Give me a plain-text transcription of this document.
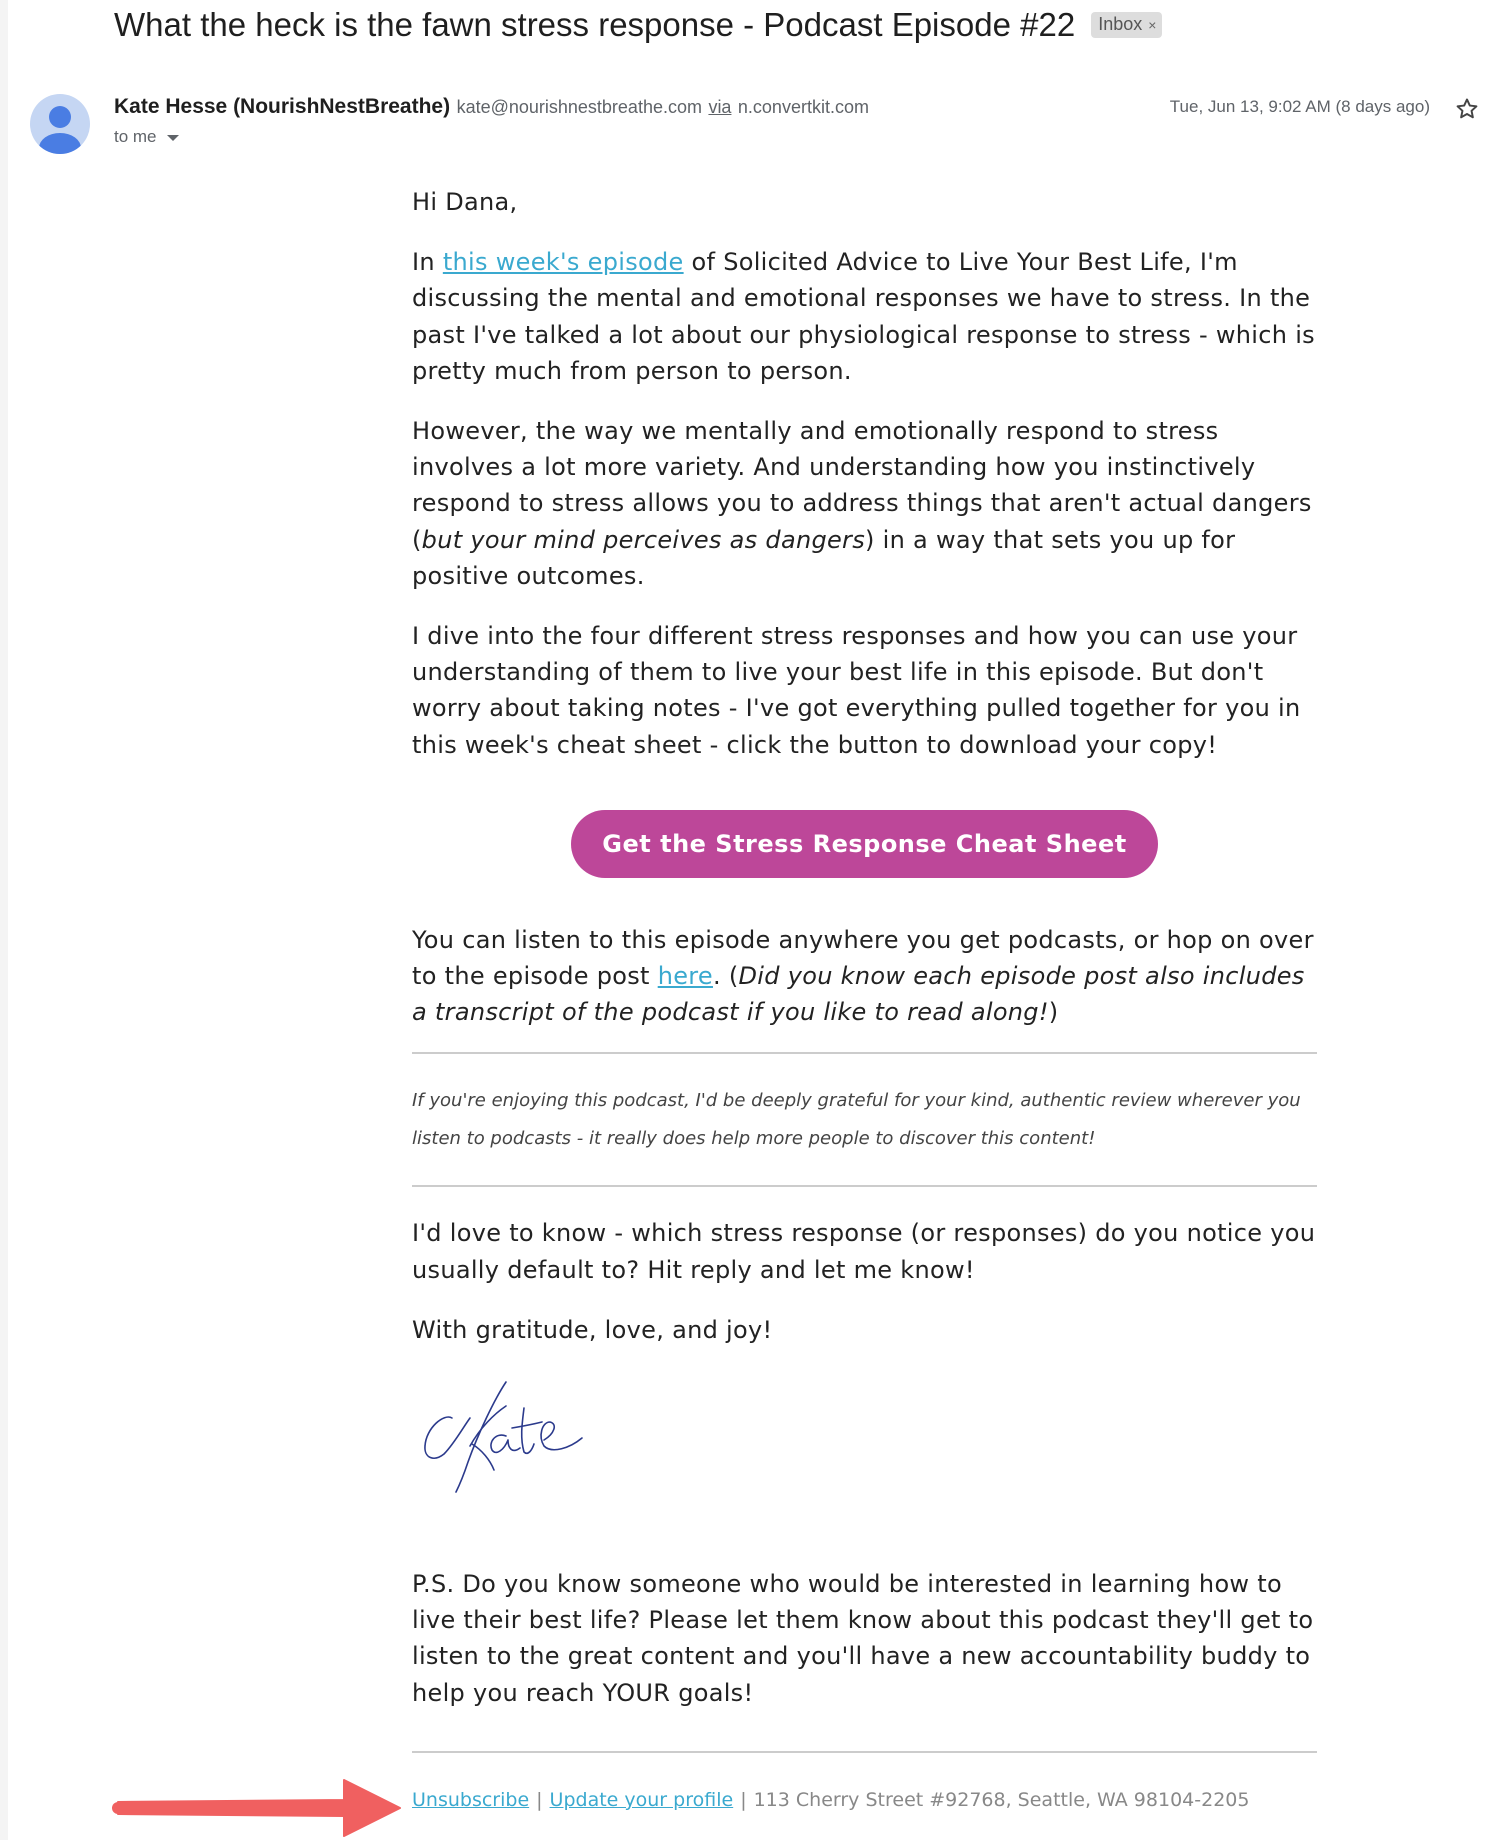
What the heck is the fawn stress response - Podcast Episode #22 Inbox ×
Kate Hesse (NourishNestBreathe) kate@nourishnestbreathe.com via n.convertkit.com
to me
Tue, Jun 13, 9:02 AM (8 days ago)

Hi Dana,

In this week's episode of Solicited Advice to Live Your Best Life, I'm discussing the mental and emotional responses we have to stress. In the past I've talked a lot about our physiological response to stress - which is pretty much from person to person.

However, the way we mentally and emotionally respond to stress involves a lot more variety. And understanding how you instinctively respond to stress allows you to address things that aren't actual dangers (but your mind perceives as dangers) in a way that sets you up for positive outcomes.

I dive into the four different stress responses and how you can use your understanding of them to live your best life in this episode. But don't worry about taking notes - I've got everything pulled together for you in this week's cheat sheet - click the button to download your copy!

Get the Stress Response Cheat Sheet

You can listen to this episode anywhere you get podcasts, or hop on over to the episode post here. (Did you know each episode post also includes a transcript of the podcast if you like to read along!)

If you're enjoying this podcast, I'd be deeply grateful for your kind, authentic review wherever you listen to podcasts - it really does help more people to discover this content!

I'd love to know - which stress response (or responses) do you notice you usually default to? Hit reply and let me know!

With gratitude, love, and joy!

P.S. Do you know someone who would be interested in learning how to live their best life? Please let them know about this podcast they'll get to listen to the great content and you'll have a new accountability buddy to help you reach YOUR goals!

Unsubscribe | Update your profile | 113 Cherry Street #92768, Seattle, WA 98104-2205
